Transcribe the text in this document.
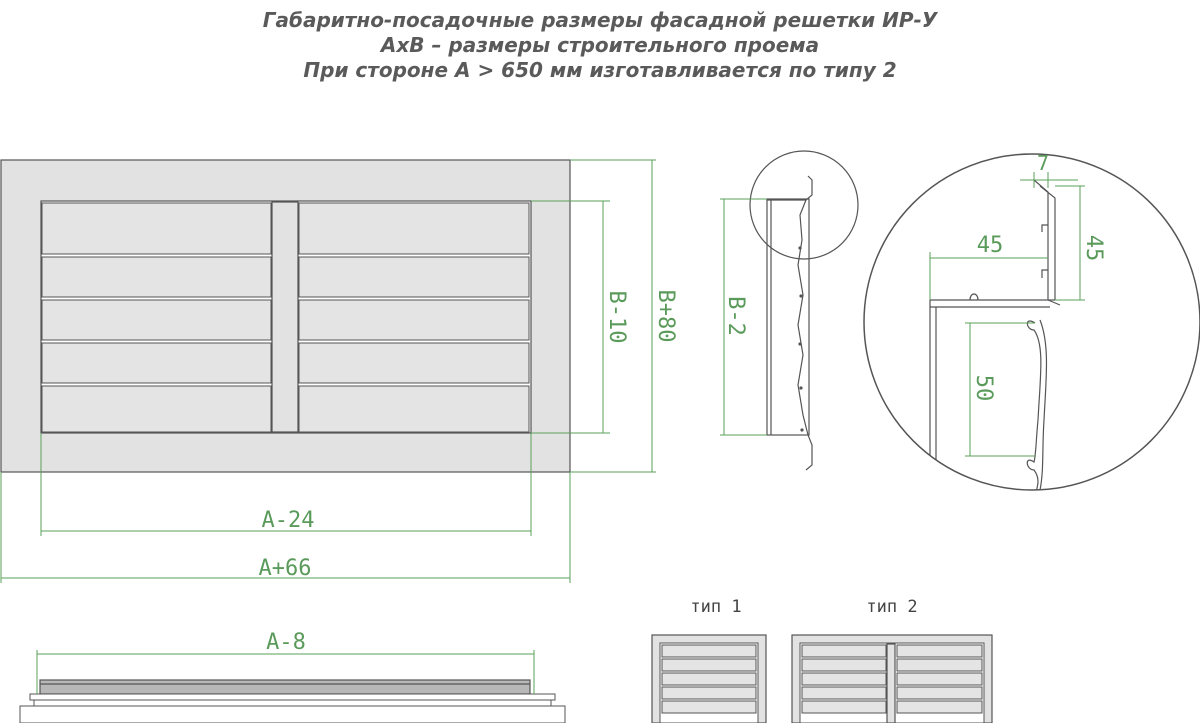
Габаритно-посадочные размеры фасадной решетки ИР-У
AxB – размеры строительного проема
При стороне А > 650 мм изготавливается по типу 2
B-10 B+80
A-24
A+66
B-2
7
45	45
50
A-8
тип 1	тип 2
